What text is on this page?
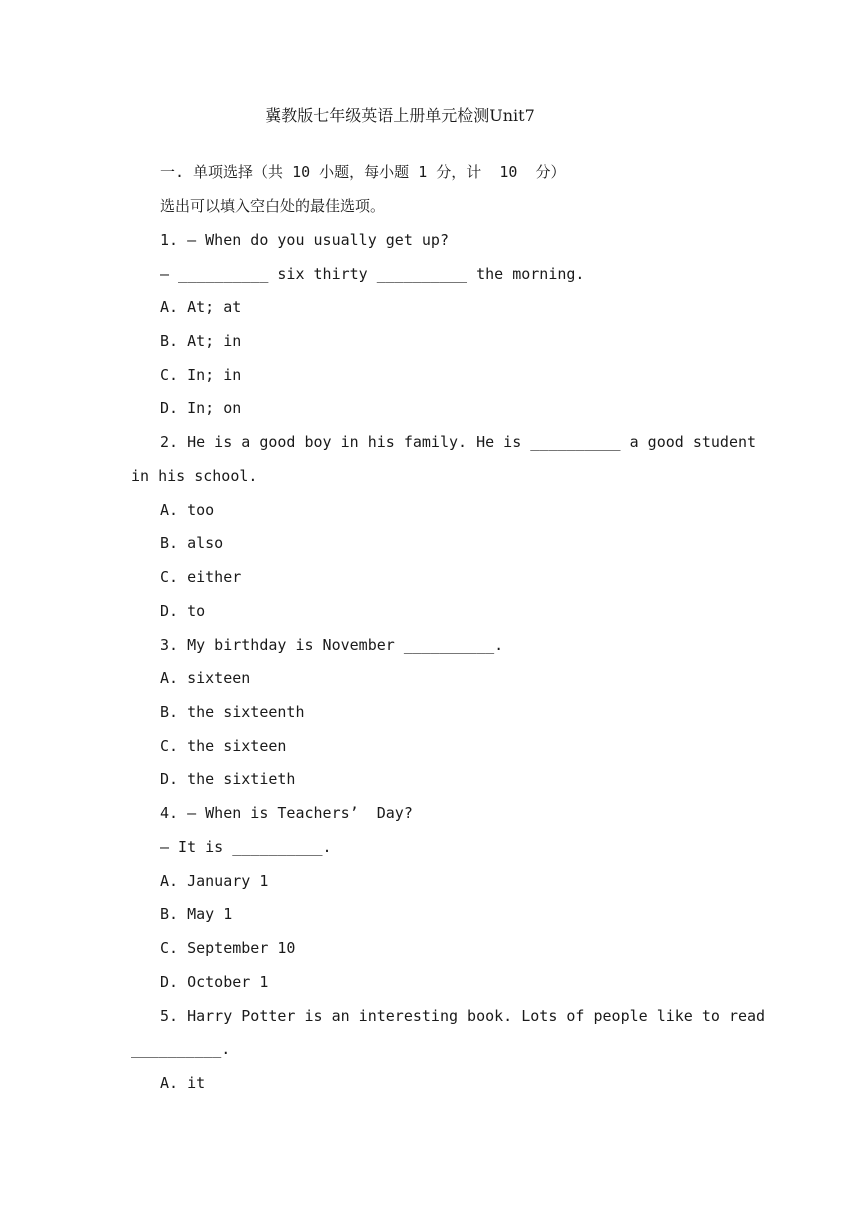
冀教版七年级英语上册单元检测Unit7
一. 单项选择（共 10 小题，每小题 1 分，计  10  分）
选出可以填入空白处的最佳选项。
1. — When do you usually get up?
— __________ six thirty __________ the morning.
A. At; at
B. At; in
C. In; in
D. In; on
2. He is a good boy in his family. He is __________ a good student
in his school.
A. too
B. also
C. either
D. to
3. My birthday is November __________.
A. sixteen
B. the sixteenth
C. the sixteen
D. the sixtieth
4. — When is Teachers’  Day?
— It is __________.
A. January 1
B. May 1
C. September 10
D. October 1
5. Harry Potter is an interesting book. Lots of people like to read
__________.
A. it
